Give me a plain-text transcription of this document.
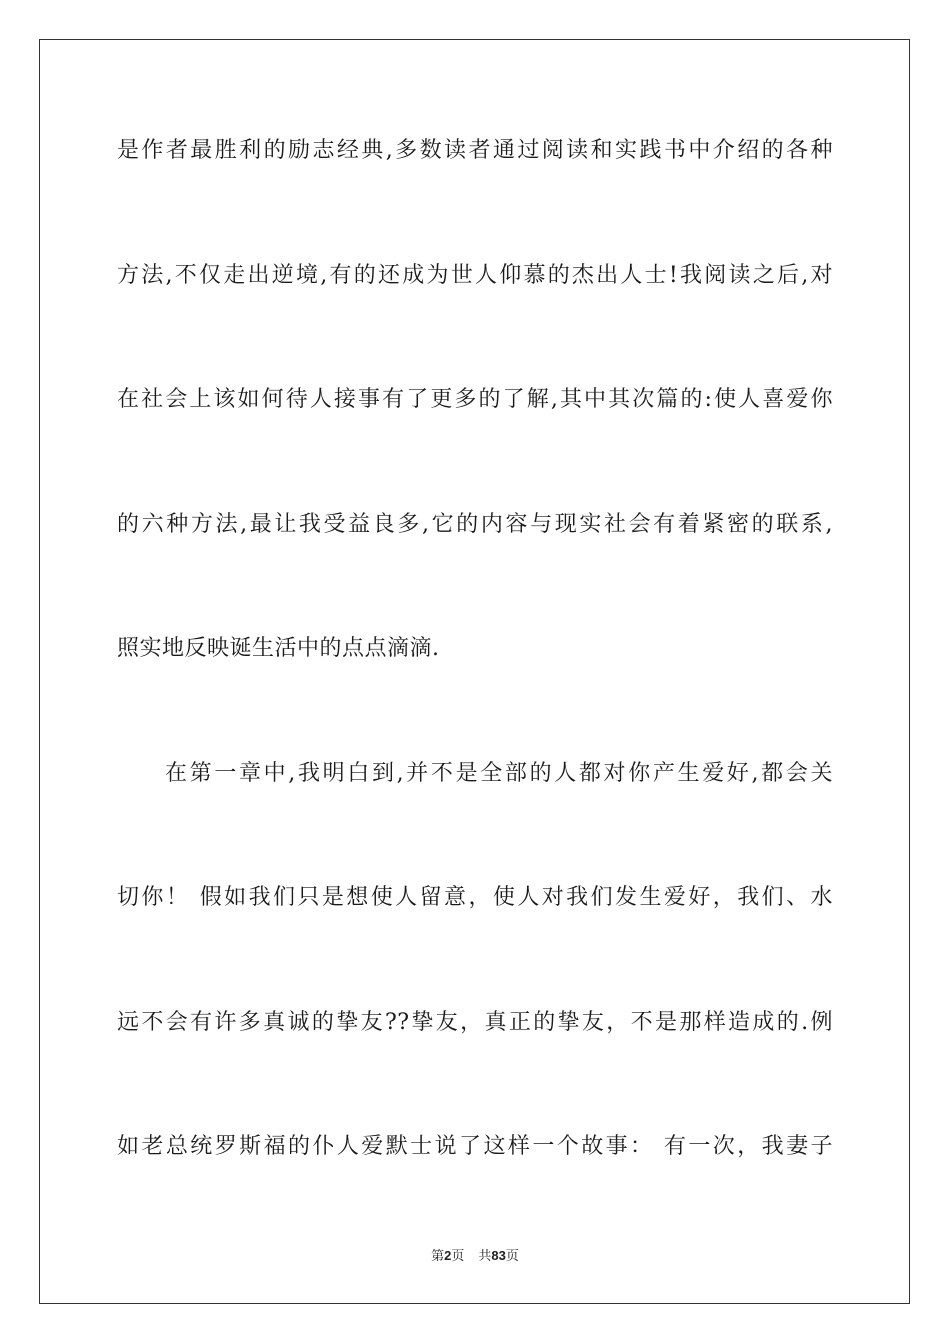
是作者最胜利的励志经典,多数读者通过阅读和实践书中介绍的各种
方法,不仅走出逆境,有的还成为世人仰慕的杰出人士!我阅读之后,对
在社会上该如何待人接事有了更多的了解,其中其次篇的:使人喜爱你
的六种方法,最让我受益良多,它的内容与现实社会有着紧密的联系,
照实地反映诞生活中的点点滴滴.
在第一章中,我明白到,并不是全部的人都对你产生爱好,都会关
切你！ 假如我们只是想使人留意，使人对我们发生爱好，我们、水
远不会有许多真诚的挚友??挚友，真正的挚友，不是那样造成的.例
如老总统罗斯福的仆人爱默士说了这样一个故事： 有一次，我妻子
第2页 共83页
